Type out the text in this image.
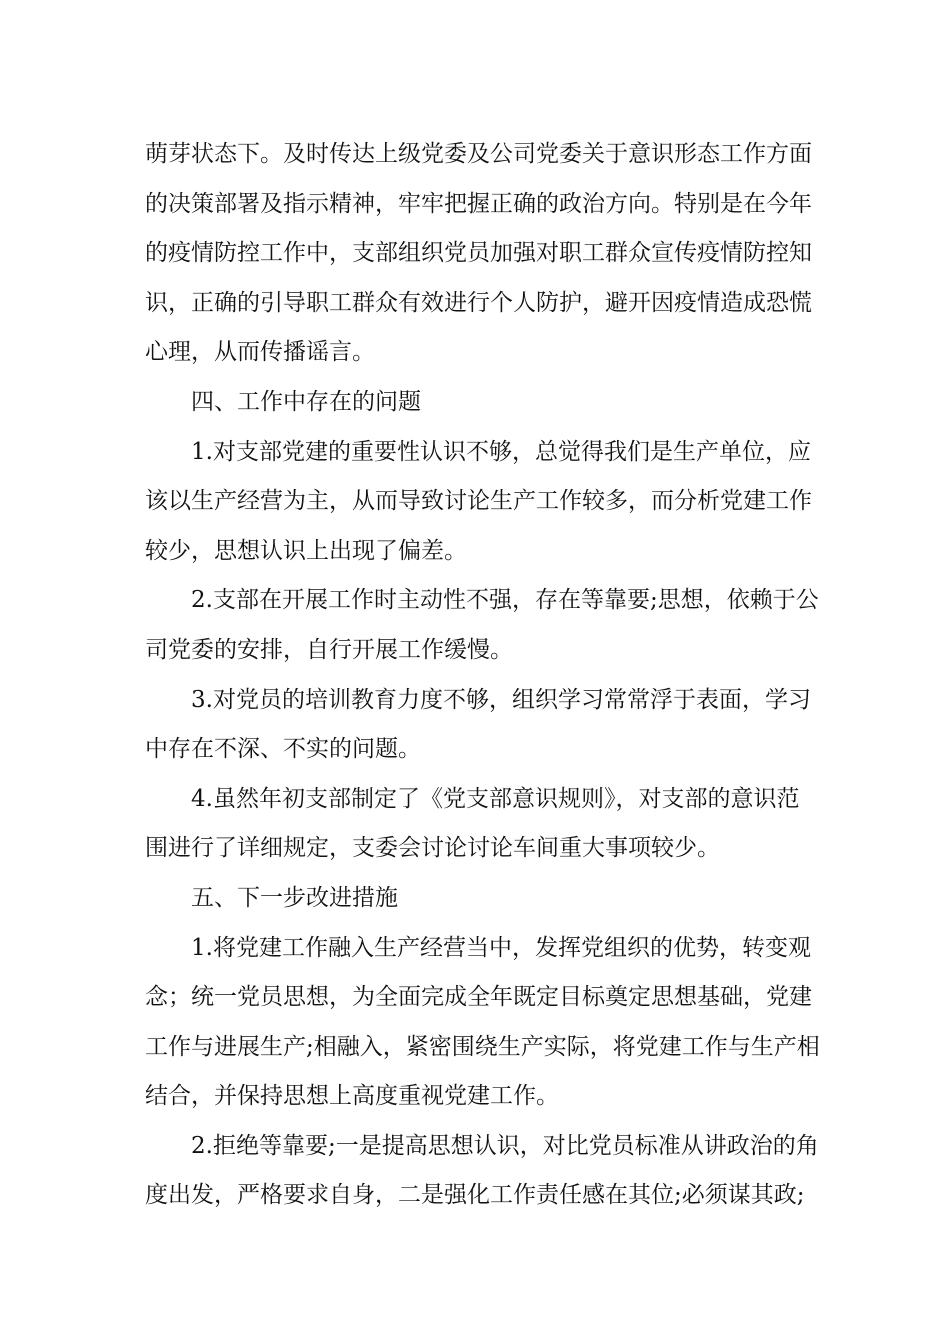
萌芽状态下。及时传达上级党委及公司党委关于意识形态工作方面
的决策部署及指示精神，牢牢把握正确的政治方向。特别是在今年
的疫情防控工作中，支部组织党员加强对职工群众宣传疫情防控知
识，正确的引导职工群众有效进行个人防护，避开因疫情造成恐慌
心理，从而传播谣言。
四、工作中存在的问题
1.对支部党建的重要性认识不够，总觉得我们是生产单位，应
该以生产经营为主，从而导致讨论生产工作较多，而分析党建工作
较少，思想认识上出现了偏差。
2.支部在开展工作时主动性不强，存在等靠要;思想，依赖于公
司党委的安排，自行开展工作缓慢。
3.对党员的培训教育力度不够，组织学习常常浮于表面，学习
中存在不深、不实的问题。
4.虽然年初支部制定了《党支部意识规则》，对支部的意识范
围进行了详细规定，支委会讨论讨论车间重大事项较少。
五、下一步改进措施
1.将党建工作融入生产经营当中，发挥党组织的优势，转变观
念；统一党员思想，为全面完成全年既定目标奠定思想基础，党建
工作与进展生产;相融入，紧密围绕生产实际，将党建工作与生产相
结合，并保持思想上高度重视党建工作。
2.拒绝等靠要;一是提高思想认识，对比党员标准从讲政治的角
度出发，严格要求自身，二是强化工作责任感在其位;必须谋其政;
